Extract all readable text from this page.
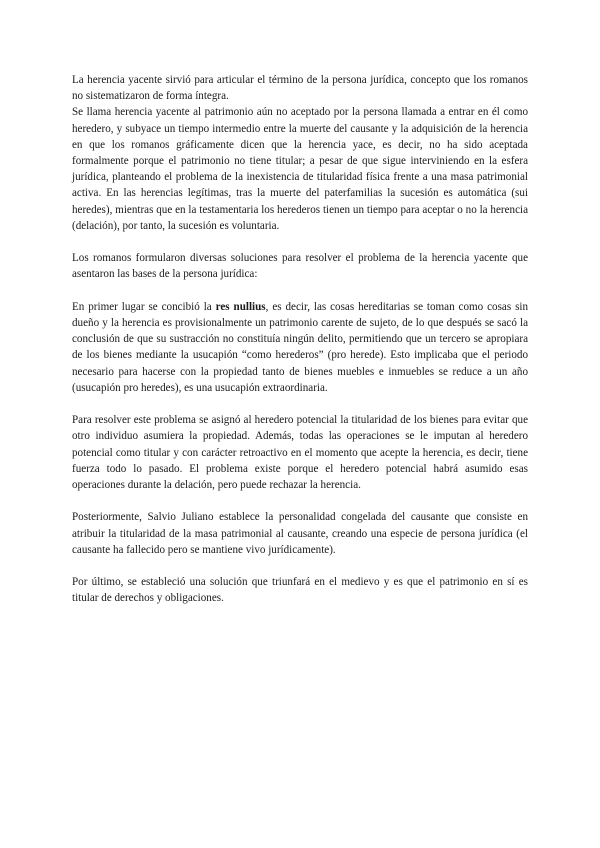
La herencia yacente sirvió para articular el término de la persona jurídica, concepto que los romanos no sistematizaron de forma íntegra.

Se llama herencia yacente al patrimonio aún no aceptado por la persona llamada a entrar en él como heredero, y subyace un tiempo intermedio entre la muerte del causante y la adquisición de la herencia en que los romanos gráficamente dicen que la herencia yace, es decir, no ha sido aceptada formalmente porque el patrimonio no tiene titular; a pesar de que sigue interviniendo en la esfera jurídica, planteando el problema de la inexistencia de titularidad física frente a una masa patrimonial activa. En las herencias legítimas, tras la muerte del paterfamilias la sucesión es automática (sui heredes), mientras que en la testamentaria los herederos tienen un tiempo para aceptar o no la herencia (delación), por tanto, la sucesión es voluntaria.

Los romanos formularon diversas soluciones para resolver el problema de la herencia yacente que asentaron las bases de la persona jurídica:

En primer lugar se concibió la res nullius, es decir, las cosas hereditarias se toman como cosas sin dueño y la herencia es provisionalmente un patrimonio carente de sujeto, de lo que después se sacó la conclusión de que su sustracción no constituía ningún delito, permitiendo que un tercero se apropiara de los bienes mediante la usucapión “como herederos” (pro herede). Esto implicaba que el periodo necesario para hacerse con la propiedad tanto de bienes muebles e inmuebles se reduce a un año (usucapión pro heredes), es una usucapión extraordinaria.

Para resolver este problema se asignó al heredero potencial la titularidad de los bienes para evitar que otro individuo asumiera la propiedad. Además, todas las operaciones se le imputan al heredero potencial como titular y con carácter retroactivo en el momento que acepte la herencia, es decir, tiene fuerza todo lo pasado. El problema existe porque el heredero potencial habrá asumido esas operaciones durante la delación, pero puede rechazar la herencia.

Posteriormente, Salvio Juliano establece la personalidad congelada del causante que consiste en atribuir la titularidad de la masa patrimonial al causante, creando una especie de persona jurídica (el causante ha fallecido pero se mantiene vivo jurídicamente).

Por último, se estableció una solución que triunfará en el medievo y es que el patrimonio en sí es titular de derechos y obligaciones.
